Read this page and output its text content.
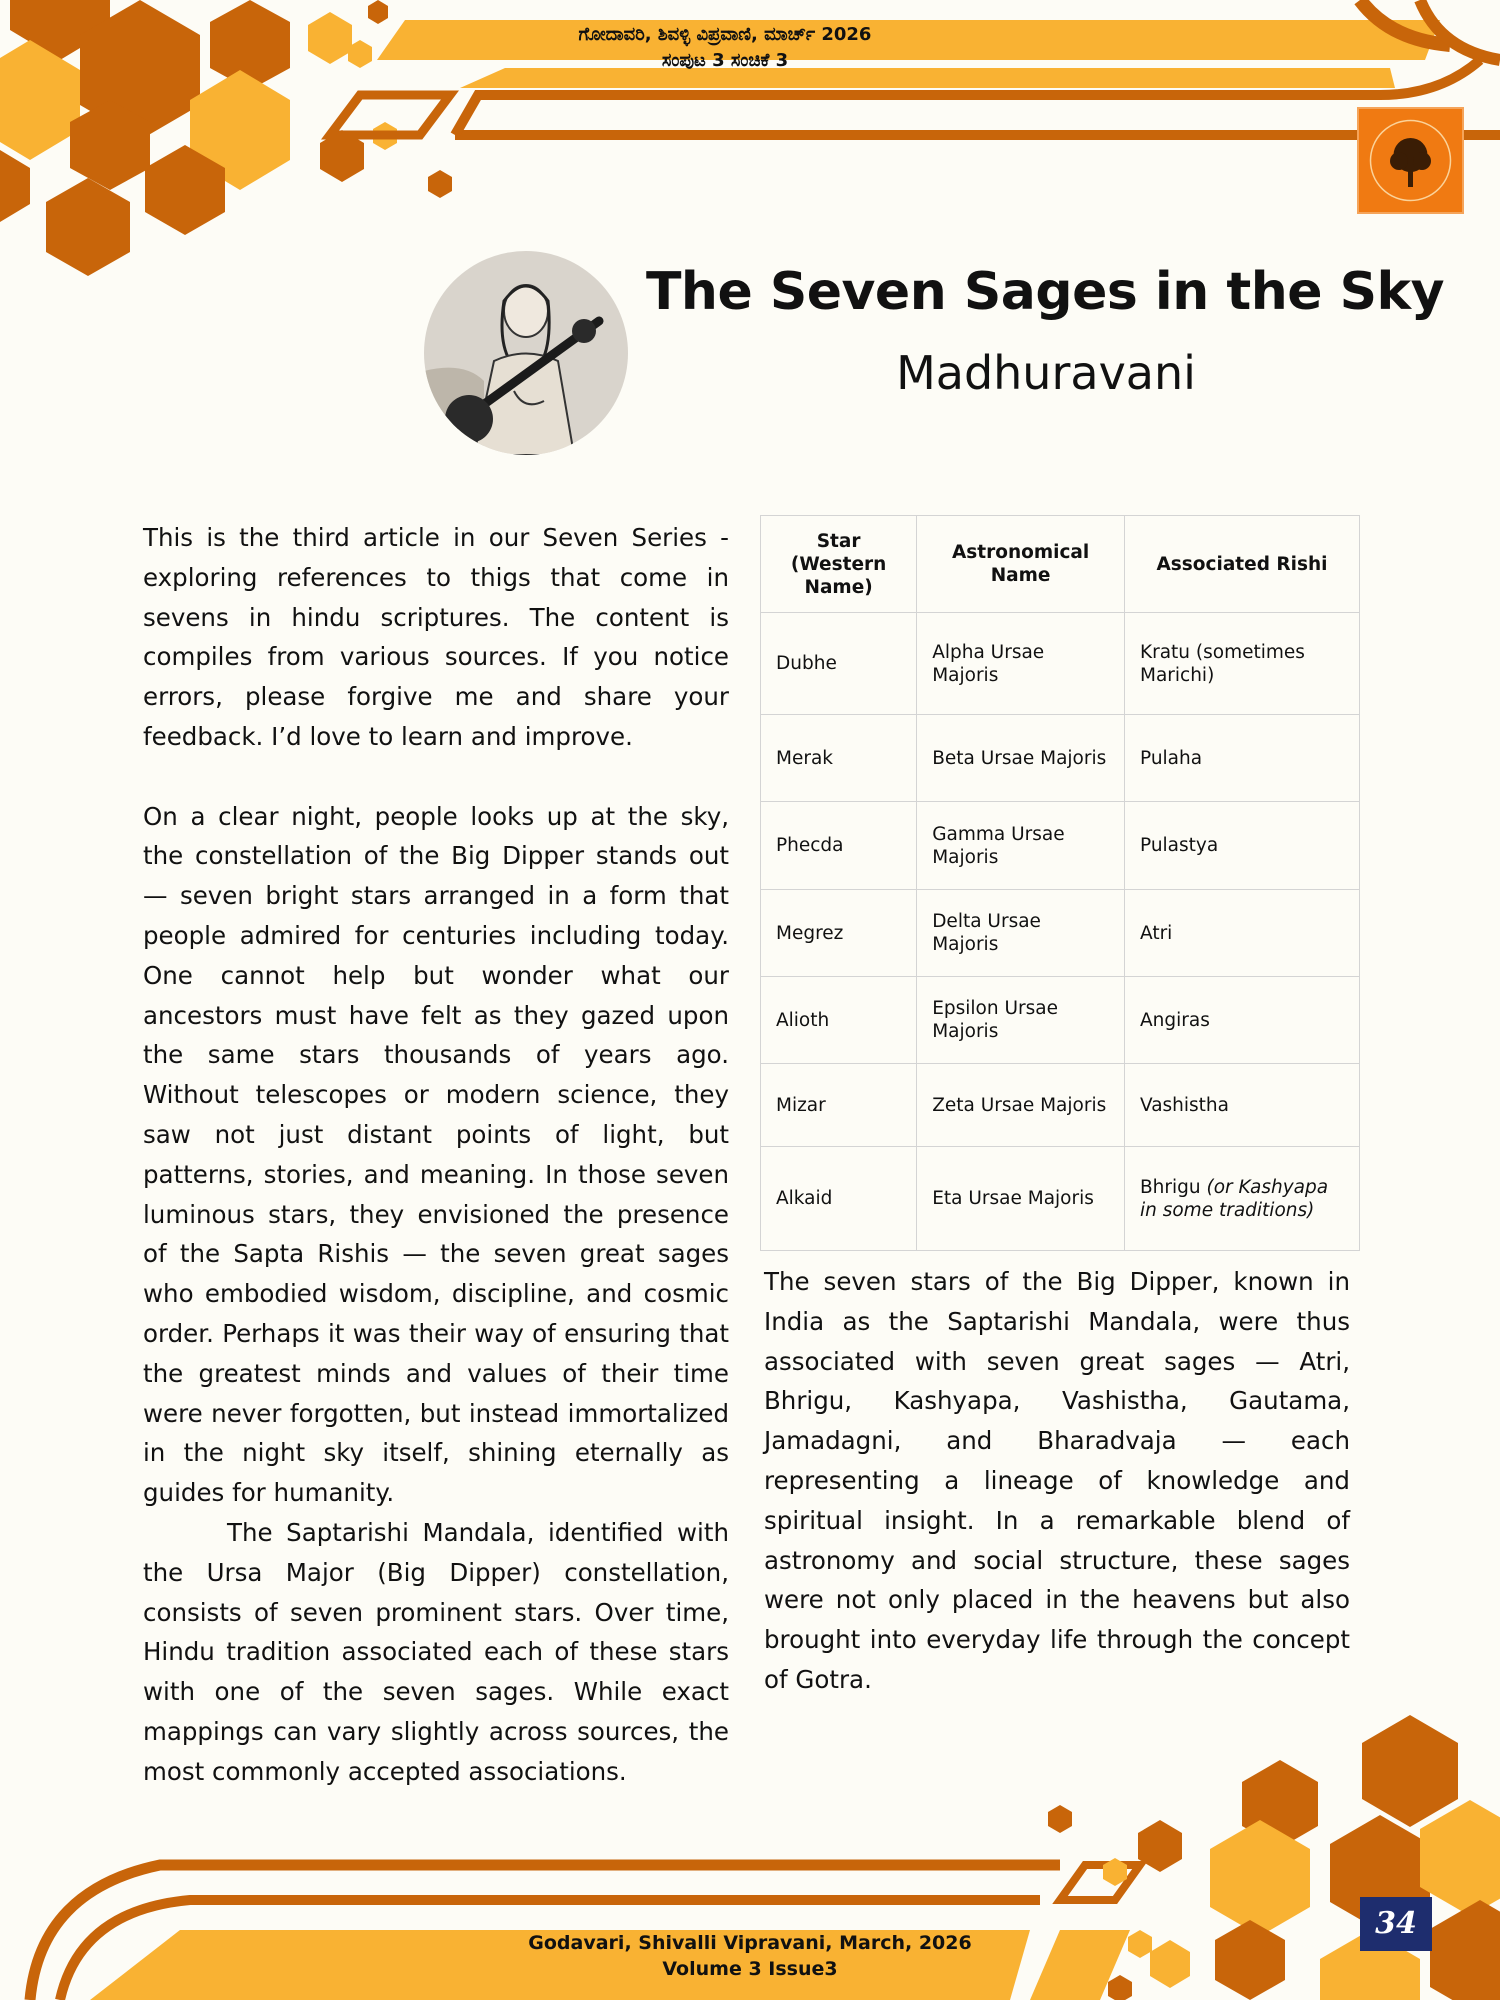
ಗೋದಾವರಿ, ಶಿವಳ್ಳಿ ವಿಪ್ರವಾಣಿ, ಮಾರ್ಚ್ 2026
ಸಂಪುಟ 3 ಸಂಚಿಕೆ 3
The Seven Sages in the Sky
Madhuravani

This is the third article in our Seven Series - exploring references to thigs that come in sevens in hindu scriptures. The content is compiles from various sources. If you notice errors, please forgive me and share your feedback. I’d love to learn and improve.

On a clear night, people looks up at the sky, the constellation of the Big Dipper stands out — seven bright stars arranged in a form that people admired for centuries including today. One cannot help but wonder what our ancestors must have felt as they gazed upon the same stars thousands of years ago. Without telescopes or modern science, they saw not just distant points of light, but patterns, stories, and meaning. In those seven luminous stars, they envisioned the presence of the Sapta Rishis — the seven great sages who embodied wisdom, discipline, and cosmic order. Perhaps it was their way of ensuring that the greatest minds and values of their time were never forgotten, but instead immortalized in the night sky itself, shining eternally as guides for humanity.

The Saptarishi Mandala, identified with the Ursa Major (Big Dipper) constellation, consists of seven prominent stars. Over time, Hindu tradition associated each of these stars with one of the seven sages. While exact mappings can vary slightly across sources, the most commonly accepted associations.

Star (Western Name)	Astronomical Name	Associated Rishi
Dubhe	Alpha Ursae Majoris	Kratu (sometimes Marichi)
Merak	Beta Ursae Majoris	Pulaha
Phecda	Gamma Ursae Majoris	Pulastya
Megrez	Delta Ursae Majoris	Atri
Alioth	Epsilon Ursae Majoris	Angiras
Mizar	Zeta Ursae Majoris	Vashistha
Alkaid	Eta Ursae Majoris	Bhrigu (or Kashyapa in some traditions)

The seven stars of the Big Dipper, known in India as the Saptarishi Mandala, were thus associated with seven great sages — Atri, Bhrigu, Kashyapa, Vashistha, Gautama, Jamadagni, and Bharadvaja — each representing a lineage of knowledge and spiritual insight. In a remarkable blend of astronomy and social structure, these sages were not only placed in the heavens but also brought into everyday life through the concept of Gotra.

Godavari, Shivalli Vipravani, March, 2026
Volume 3 Issue3
34
